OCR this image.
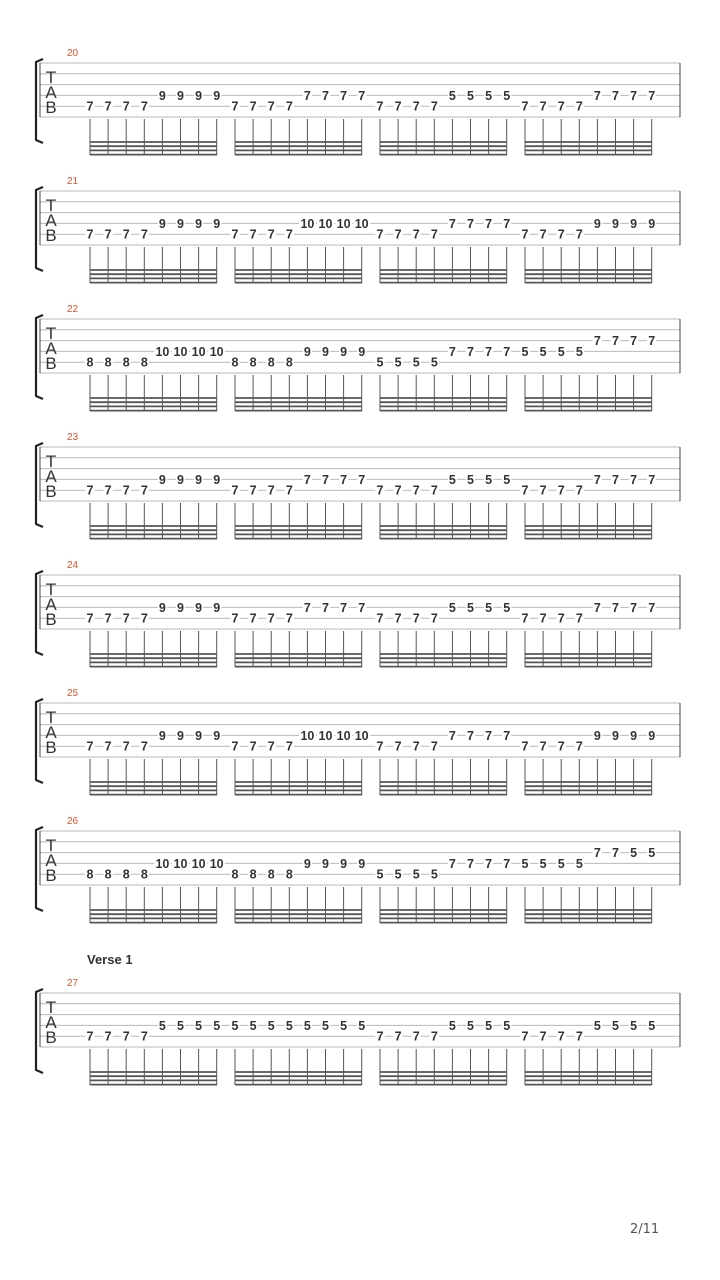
T
A
B
20
7 7 7 7
9 9 9 9
7 7 7 7
7 7 7 7
7 7 7 7
5 5 5 5
7 7 7 7
7 7 7 7
T
A
B
21
7 7 7 7
9 9 9 9
7 7 7 7
10 10 10 10
7 7 7 7
7 7 7 7
7 7 7 7
9 9 9 9
T
A
B
22
8 8 8 8
10 10 10 10
8 8 8 8
9 9 9 9
5 5 5 5
7 7 7 7 5 5 5 5
7 7 7 7
T
A
B
23
7 7 7 7
9 9 9 9
7 7 7 7
7 7 7 7
7 7 7 7
5 5 5 5
7 7 7 7
7 7 7 7
T
A
B
24
7 7 7 7
9 9 9 9
7 7 7 7
7 7 7 7
7 7 7 7
5 5 5 5
7 7 7 7
7 7 7 7
T
A
B
25
7 7 7 7
9 9 9 9
7 7 7 7
10 10 10 10
7 7 7 7
7 7 7 7
7 7 7 7
9 9 9 9
T
A
B
26
8 8 8 8
10 10 10 10
8 8 8 8
9 9 9 9
5 5 5 5
7 7 7 7 5 5 5 5
7 7 5 5
T
A
B
27
Verse 1
7 7 7 7
5 5 5 5 5 5 5 5 5 5 5 5
7 7 7 7
5 5 5 5
7 7 7 7
5 5 5 5
2/11
